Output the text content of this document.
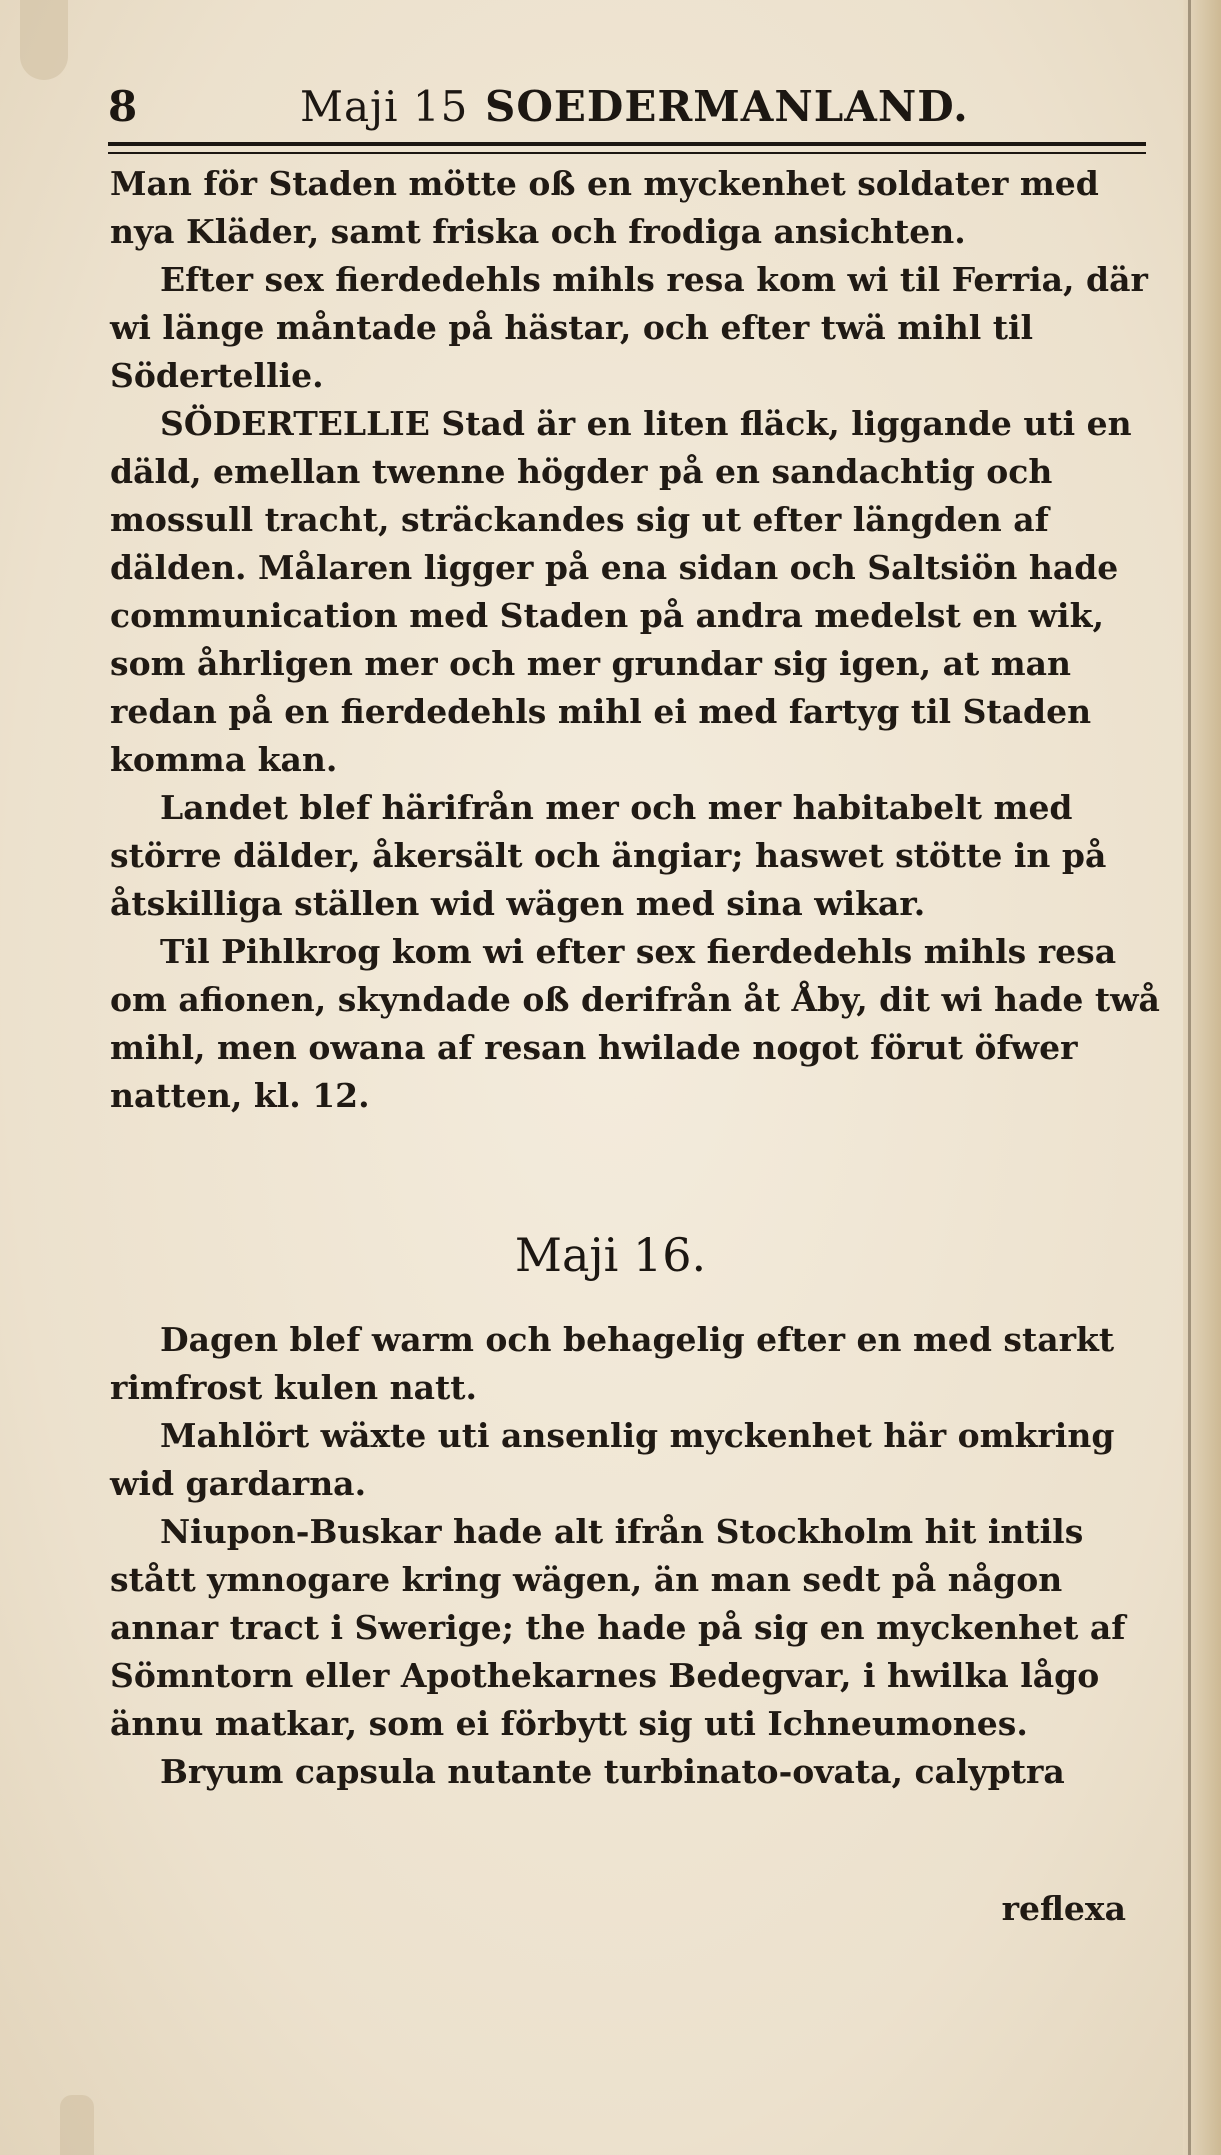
8	Maji 15 SOEDERMANLAND.

Man för Staden mötte oß en myckenhet soldater med nya Kläder, samt friska och frodiga ansichten.

Efter sex fierdedehls mihls resa kom wi til Ferria, där wi länge måntade på hästar, och efter twä mihl til Södertellie.

SÖDERTELLIE Stad är en liten fläck, liggande uti en däld, emellan twenne högder på en sandachtig och mossull tracht, sträckandes sig ut efter längden af dälden. Målaren ligger på ena sidan och Saltsiön hade communication med Staden på andra medelst en wik, som åhrligen mer och mer grundar sig igen, at man redan på en fierdedehls mihl ei med fartyg til Staden komma kan.

Landet blef härifrån mer och mer habitabelt med större dälder, åkersält och ängiar; haswet stötte in på åtskilliga ställen wid wägen med sina wikar.

Til Pihlkrog kom wi efter sex fierdedehls mihls resa om afionen, skyndade oß derifrån åt Åby, dit wi hade twå mihl, men owana af resan hwilade nogot förut öfwer natten, kl. 12.

Maji 16.

Dagen blef warm och behagelig efter en med starkt rimfrost kulen natt.

Mahlört wäxte uti ansenlig myckenhet här omkring wid gardarna.

Niupon-Buskar hade alt ifrån Stockholm hit intils stått ymnogare kring wägen, än man sedt på någon annar tract i Swerige; the hade på sig en myckenhet af Sömntorn eller Apothekarnes Bedegvar, i hwilka lågo ännu matkar, som ei förbytt sig uti Ichneumones.

Bryum capsula nutante turbinato-ovata, calyptra

reflexa
